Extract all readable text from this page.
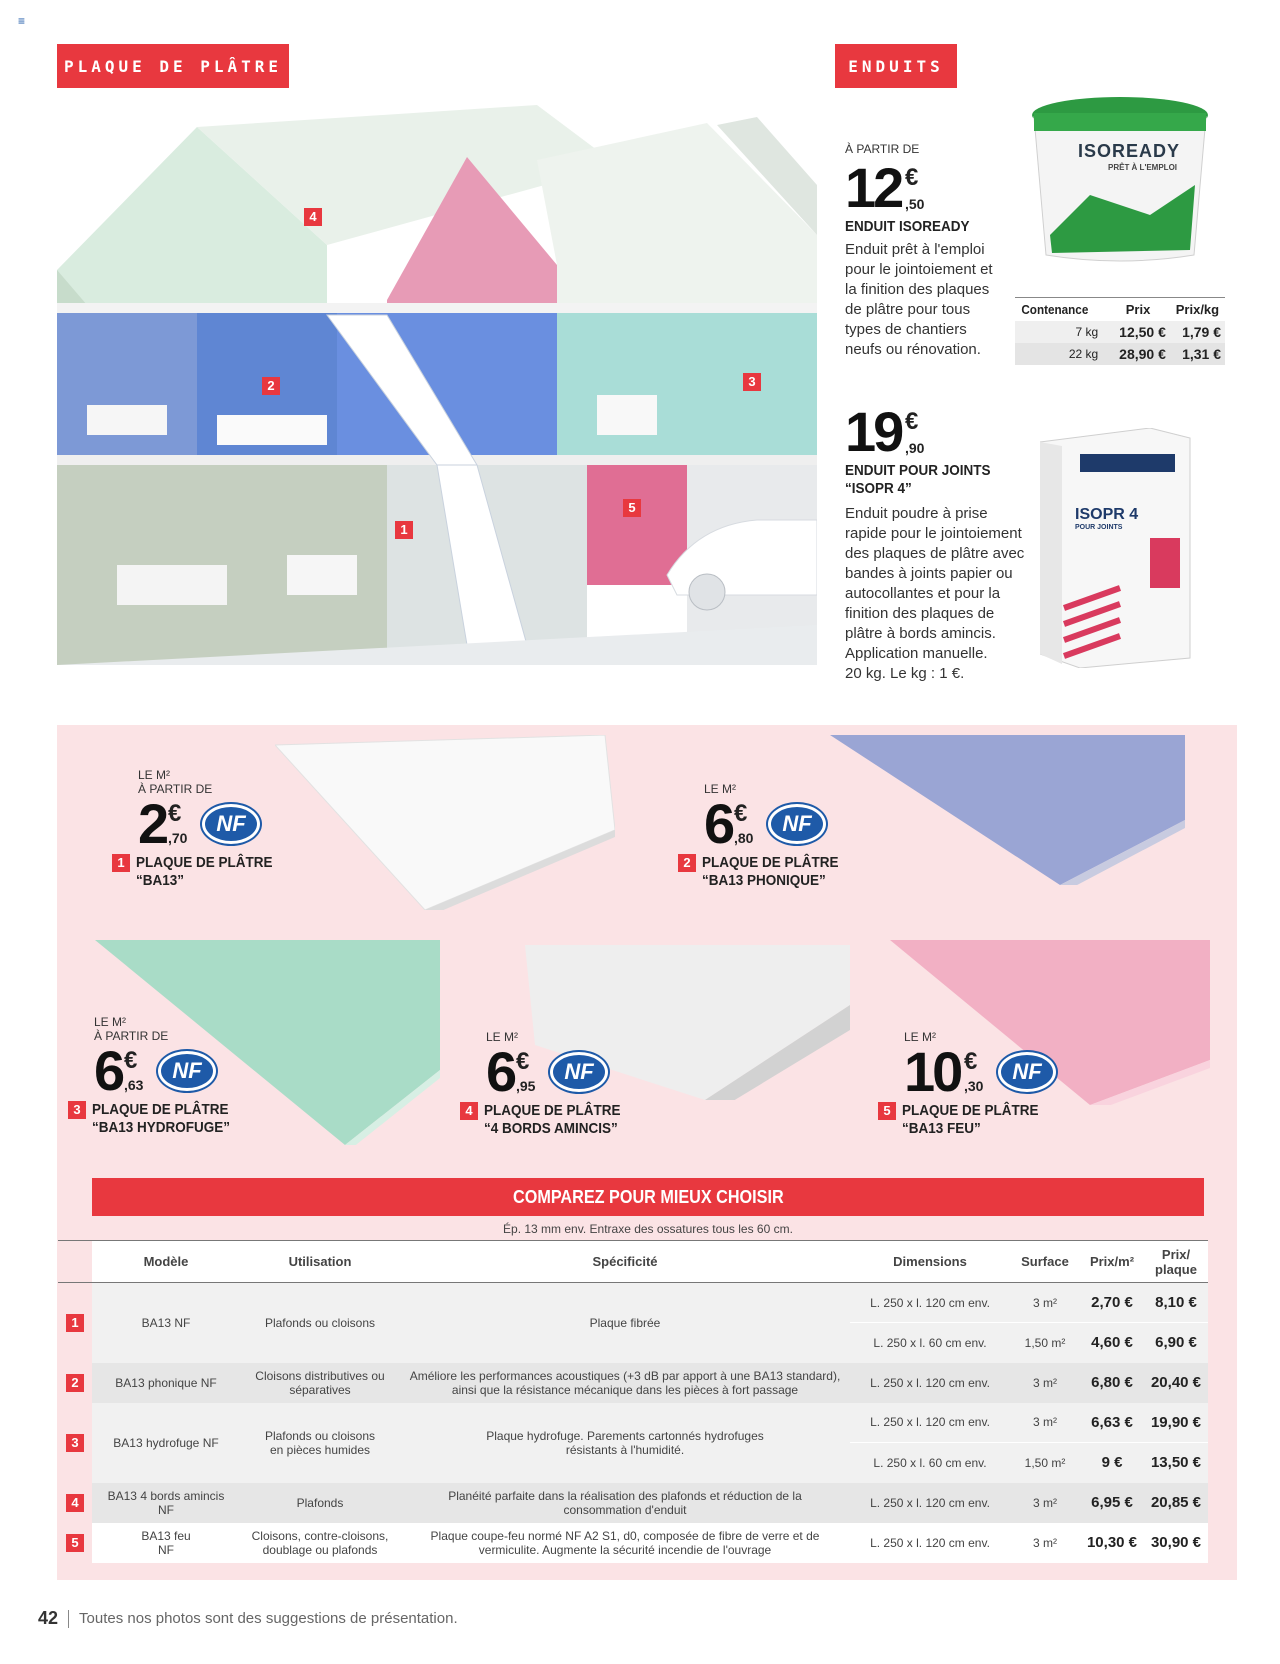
≡
PLAQUE DE PLÂTRE	ENDUITS
4
2	3
1
5
À PARTIR DE
12 €
,50
ENDUIT ISOREADY
Enduit prêt à l'emploi
pour le jointoiement et
la finition des plaques
de plâtre pour tous
types de chantiers
neufs ou rénovation.
ISOREADY
PRÊT À L'EMPLOI
Contenance	Prix	Prix/kg
7 kg	12,50 €	1,79 €
22 kg	28,90 €	1,31 €
19 €
,90
ENDUIT POUR JOINTS
“ISOPR 4”
Enduit poudre à prise
rapide pour le jointoiement
des plaques de plâtre avec
bandes à joints papier ou
autocollantes et pour la
finition des plaques de
plâtre à bords amincis.
Application manuelle.
20 kg. Le kg : 1 €.
ISOPR 4
POUR JOINTS
LE M²
À PARTIR DE
2 €
,70
NF
1 PLAQUE DE PLÂTRE
“BA13”
LE M²
6 €
,80
NF
2 PLAQUE DE PLÂTRE
“BA13 PHONIQUE”
LE M²
À PARTIR DE
6 €
,63
NF
3 PLAQUE DE PLÂTRE
“BA13 HYDROFUGE”
LE M²
6 €
,95
NF
4 PLAQUE DE PLÂTRE
“4 BORDS AMINCIS”
LE M²
10 €
,30
NF
5 PLAQUE DE PLÂTRE
“BA13 FEU”
COMPAREZ POUR MIEUX CHOISIR
Ép. 13 mm env. Entraxe des ossatures tous les 60 cm.
	Modèle	Utilisation	Spécificité	Dimensions	Surface	Prix/m²	Prix/ plaque
1	BA13 NF	Plafonds ou cloisons	Plaque fibrée	L. 250 x l. 120 cm env.	3 m²	2,70 €	8,10 €
				L. 250 x l. 60 cm env.	1,50 m²	4,60 €	6,90 €
2	BA13 phonique NF	Cloisons distributives ou séparatives	Améliore les performances acoustiques (+3 dB par apport à une BA13 standard), ainsi que la résistance mécanique dans les pièces à fort passage	L. 250 x l. 120 cm env.	3 m²	6,80 €	20,40 €
3	BA13 hydrofuge NF	Plafonds ou cloisons en pièces humides	Plaque hydrofuge. Parements cartonnés hydrofuges résistants à l'humidité.	L. 250 x l. 120 cm env.	3 m²	6,63 €	19,90 €
				L. 250 x l. 60 cm env.	1,50 m²	9 €	13,50 €
4	BA13 4 bords amincis NF	Plafonds	Planéité parfaite dans la réalisation des plafonds et réduction de la consommation d'enduit	L. 250 x l. 120 cm env.	3 m²	6,95 €	20,85 €
5	BA13 feu NF	Cloisons, contre-cloisons, doublage ou plafonds	Plaque coupe-feu normé NF A2 S1, d0, composée de fibre de verre et de vermiculite. Augmente la sécurité incendie de l'ouvrage	L. 250 x l. 120 cm env.	3 m²	10,30 €	30,90 €
42 Toutes nos photos sont des suggestions de présentation.
